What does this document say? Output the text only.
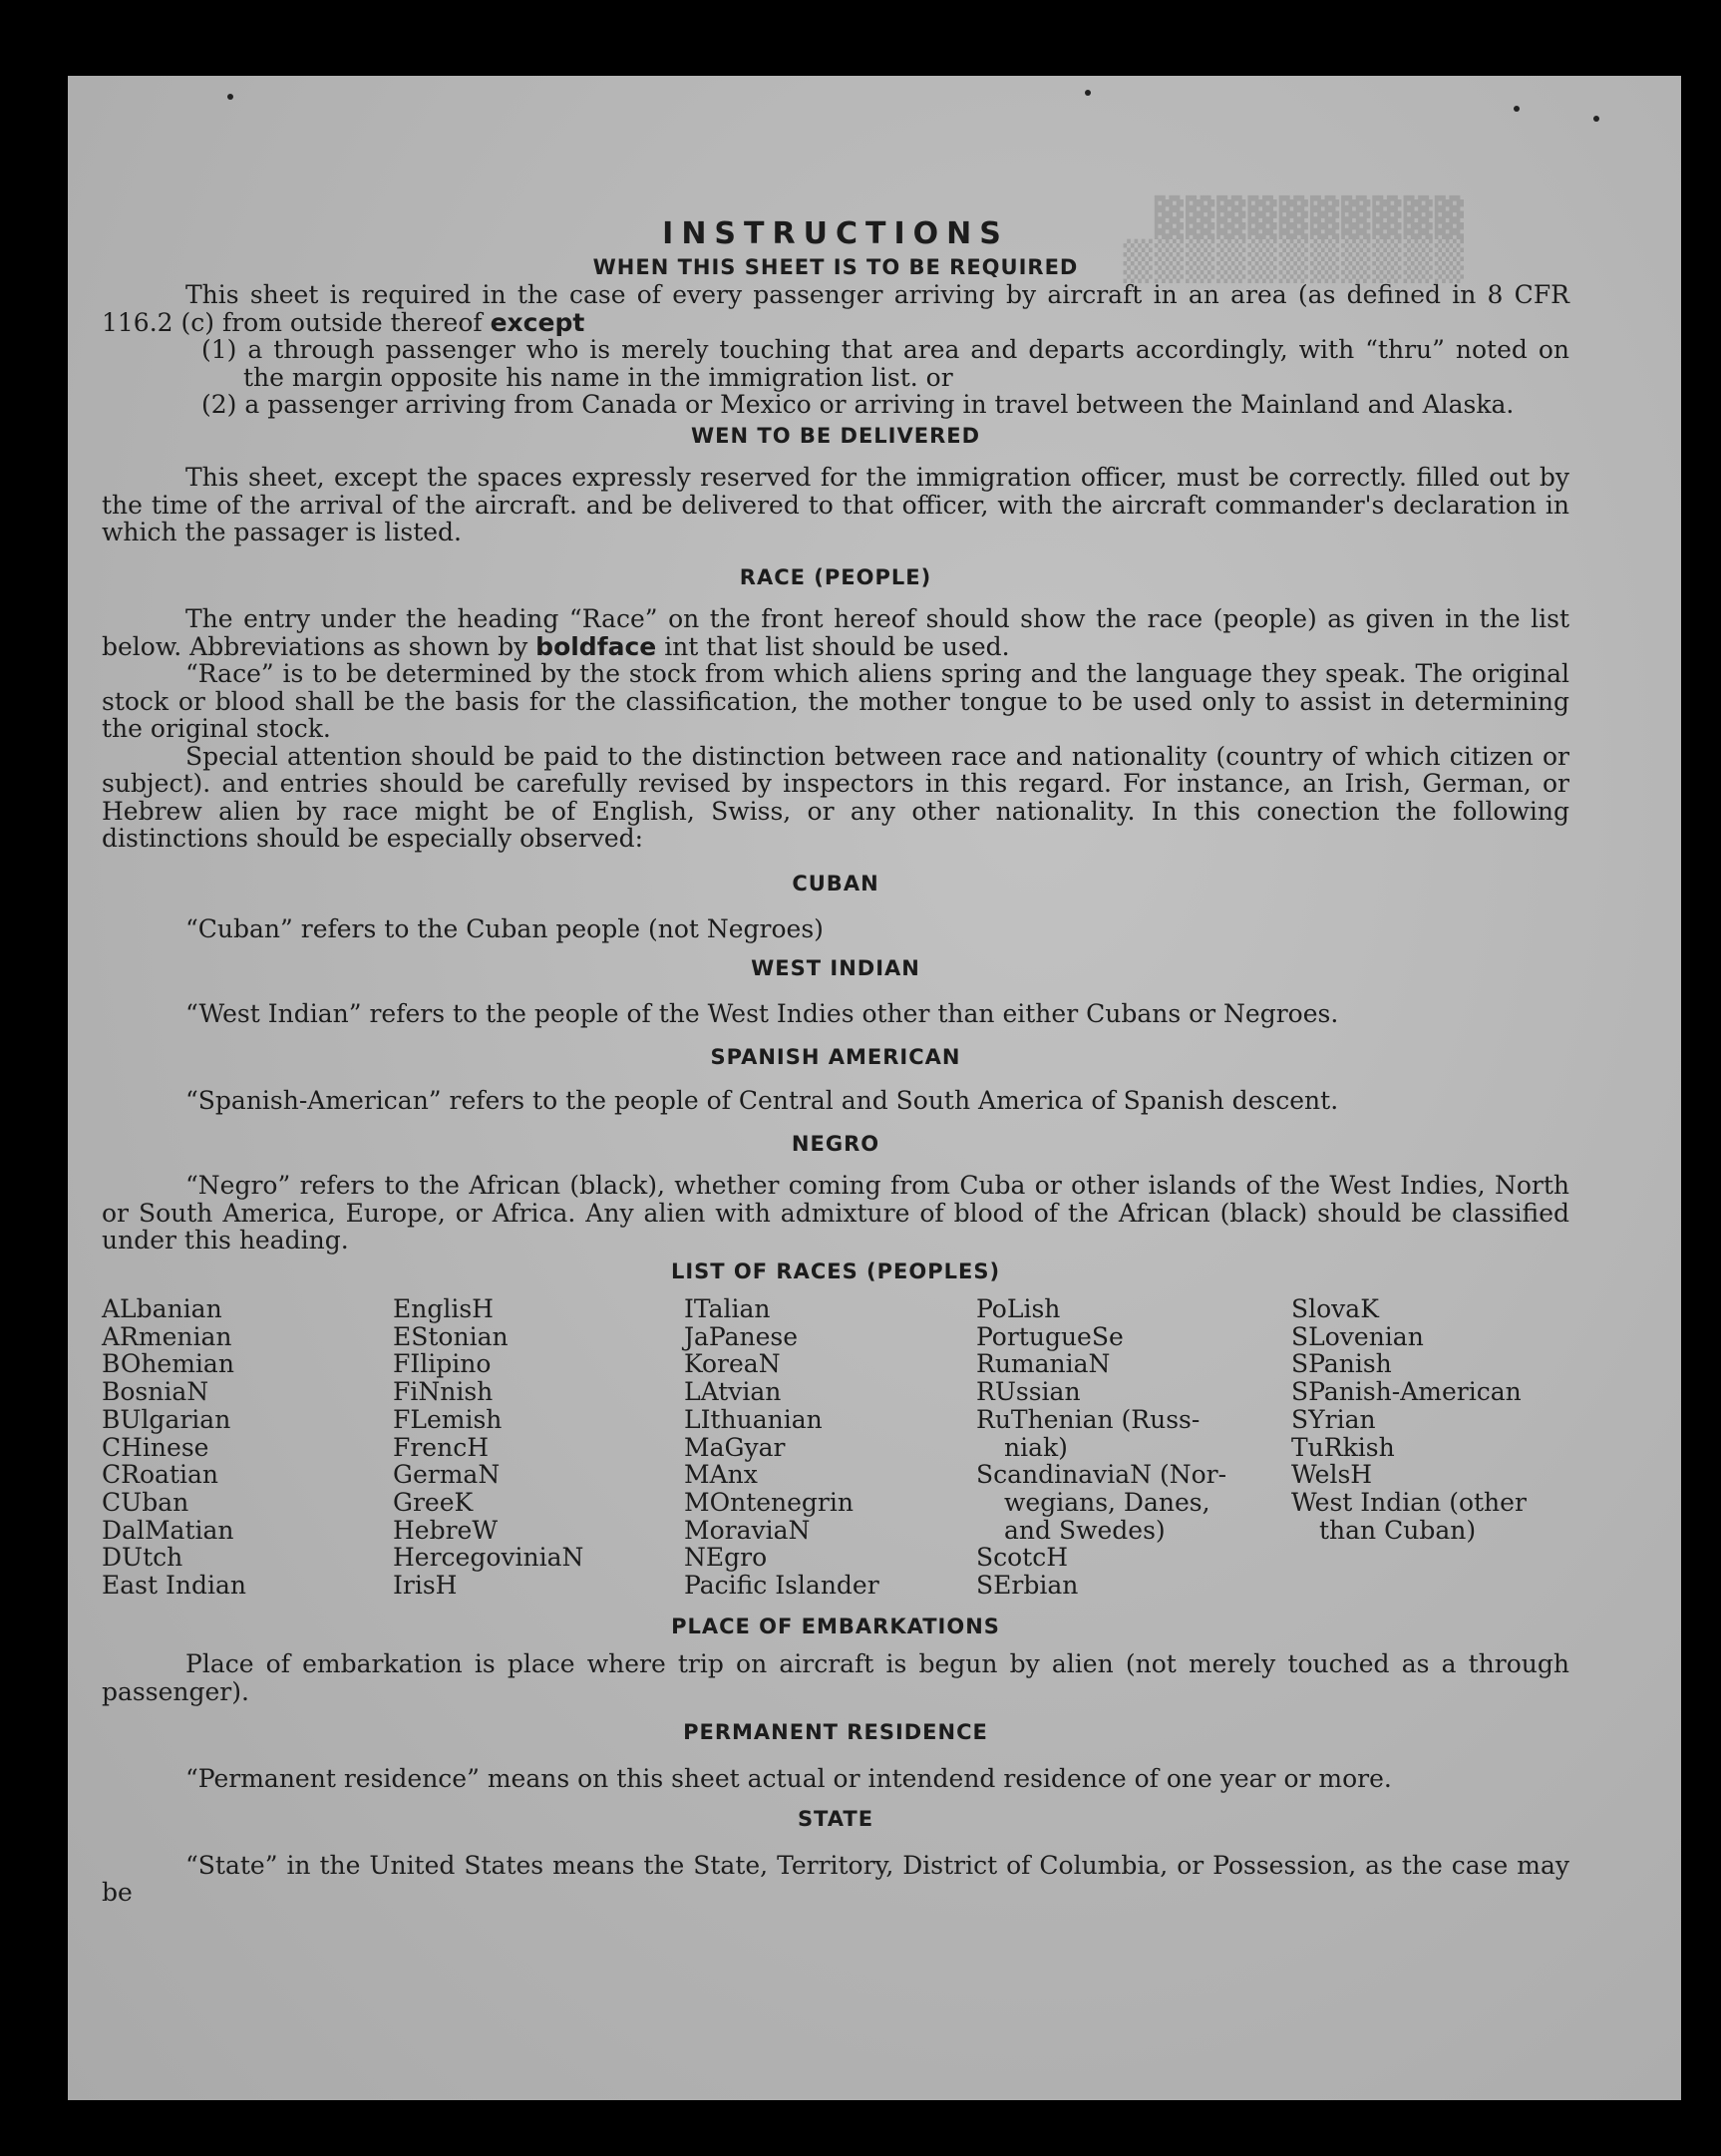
▓▓▓▓▓▓▓▓▓▓
▒▒▒▒▒▒▒▒▒▒▒
INSTRUCTIONS
WHEN THIS SHEET IS TO BE REQUIRED

This sheet is required in the case of every passenger arriving by aircraft in an area (as defined in 8 CFR 116.2 (c) from outside thereof except

(1) a through passenger who is merely touching that area and departs accordingly, with “thru” noted on the margin opposite his name in the immigration list. or

(2) a passenger arriving from Canada or Mexico or arriving in travel between the Mainland and Alaska.

WEN TO BE DELIVERED

This sheet, except the spaces expressly reserved for the immigration officer, must be correctly. filled out by the time of the arrival of the aircraft. and be delivered to that officer, with the aircraft commander's declaration in which the passager is listed.

RACE (PEOPLE)

The entry under the heading “Race” on the front hereof should show the race (people) as given in the list below. Abbreviations as shown by boldface int that list should be used.

“Race” is to be determined by the stock from which aliens spring and the language they speak. The original stock or blood shall be the basis for the classification, the mother tongue to be used only to assist in determining the original stock.

Special attention should be paid to the distinction between race and nationality (country of which citizen or subject). and entries should be carefully revised by inspectors in this regard. For instance, an Irish, German, or Hebrew alien by race might be of English, Swiss, or any other nationality. In this conection the following distinctions should be especially observed:

CUBAN

“Cuban” refers to the Cuban people (not Negroes)

WEST INDIAN

“West Indian” refers to the people of the West Indies other than either Cubans or Negroes.

SPANISH AMERICAN

“Spanish-American” refers to the people of Central and South America of Spanish descent.

NEGRO

“Negro” refers to the African (black), whether coming from Cuba or other islands of the West Indies, North or South America, Europe, or Africa. Any alien with admixture of blood of the African (black) should be classified under this heading.

LIST OF RACES (PEOPLES)
ALbanian
ARmenian
BOhemian
BosniaN
BUlgarian
CHinese
CRoatian
CUban
DalMatian
DUtch
East Indian
EnglisH
EStonian
FIlipino
FiNnish
FLemish
FrencH
GermaN
GreeK
HebreW
HercegoviniaN
IrisH
ITalian
JaPanese
KoreaN
LAtvian
LIthuanian
MaGyar
MAnx
MOntenegrin
MoraviaN
NEgro
Pacific Islander
PoLish
PortugueSe
RumaniaN
RUssian
RuThenian (Russ-
niak)
ScandinaviaN (Nor-
wegians, Danes,
and Swedes)
ScotcH
SErbian
SlovaK
SLovenian
SPanish
SPanish-American
SYrian
TuRkish
WelsH
West Indian (other
than Cuban)
PLACE OF EMBARKATIONS

Place of embarkation is place where trip on aircraft is begun by alien (not merely touched as a through passenger).

PERMANENT RESIDENCE

“Permanent residence” means on this sheet actual or intendend residence of one year or more.

STATE

“State” in the United States means the State, Territory, District of Columbia, or Possession, as the case may be
